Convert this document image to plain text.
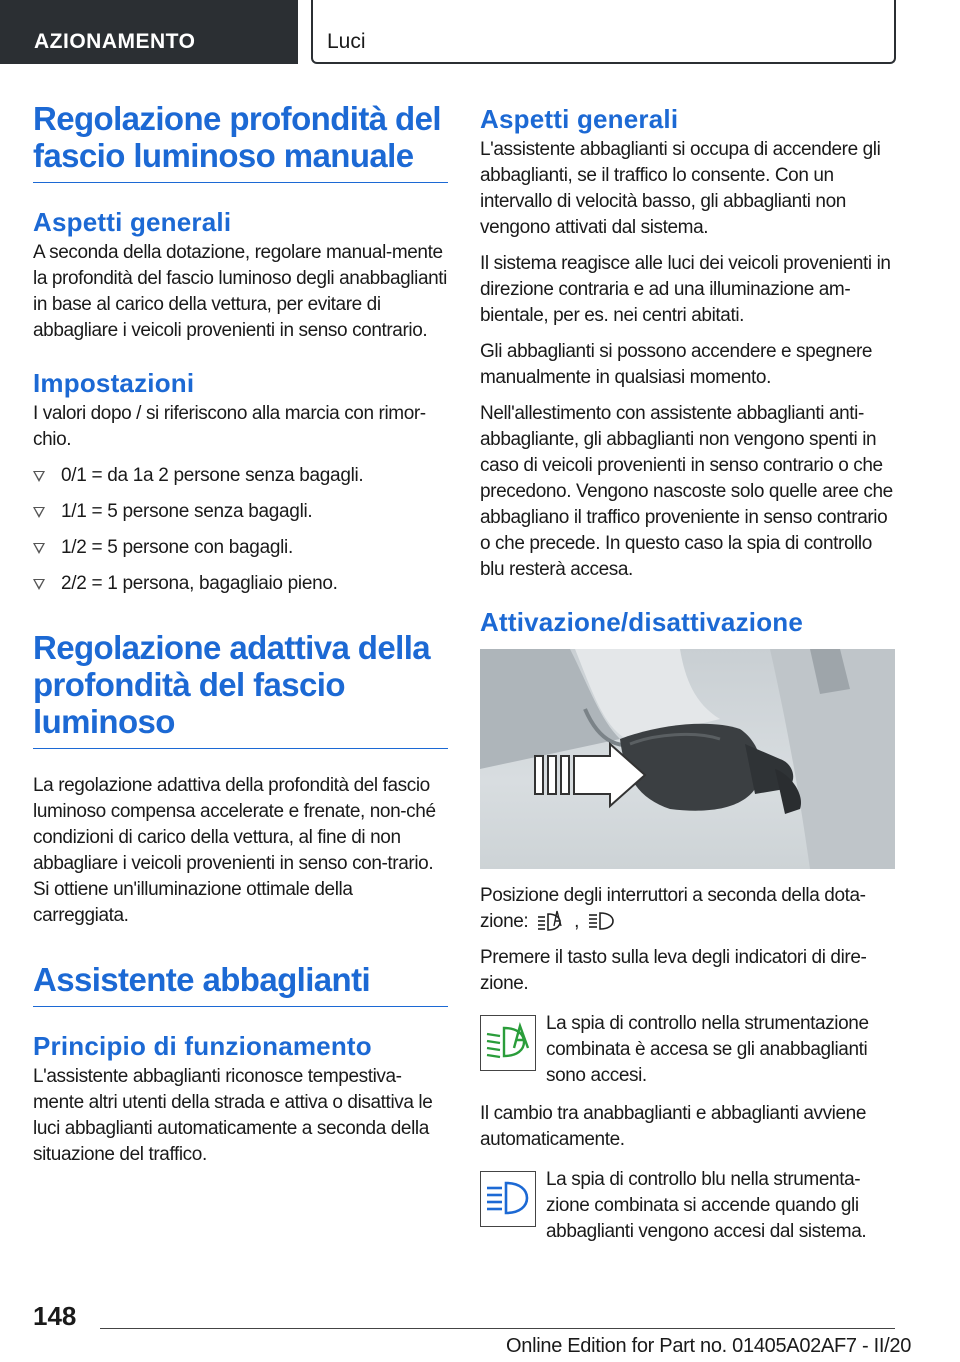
AZIONAMENTO	Luci
Regolazione profondità del fascio luminoso manuale
Aspetti generali

A seconda della dotazione, regolare manual-mente la profondità del fascio luminoso degli anabbaglianti in base al carico della vettura, per evitare di abbagliare i veicoli provenienti in senso contrario.

Impostazioni

I valori dopo / si riferiscono alla marcia con rimor-chio.

0/1 = da 1a 2 persone senza bagagli.
1/1 = 5 persone senza bagagli.
1/2 = 5 persone con bagagli.
2/2 = 1 persona, bagagliaio pieno.
Regolazione adattiva della profondità del fascio luminoso

La regolazione adattiva della profondità del fascio luminoso compensa accelerate e frenate, non-ché condizioni di carico della vettura, al fine di non abbagliare i veicoli provenienti in senso con-trario. Si ottiene un'illuminazione ottimale della carreggiata.

Assistente abbaglianti
Principio di funzionamento

L'assistente abbaglianti riconosce tempestiva-mente altri utenti della strada e attiva o disattiva le luci abbaglianti automaticamente a seconda della situazione del traffico.

Aspetti generali

L'assistente abbaglianti si occupa di accendere gli abbaglianti, se il traffico lo consente. Con un intervallo di velocità basso, gli abbaglianti non vengono attivati dal sistema.

Il sistema reagisce alle luci dei veicoli provenienti in direzione contraria e ad una illuminazione am-bientale, per es. nei centri abitati.

Gli abbaglianti si possono accendere e spegnere manualmente in qualsiasi momento.

Nell'allestimento con assistente abbaglianti anti-abbagliante, gli abbaglianti non vengono spenti in caso di veicoli provenienti in senso contrario o che precedono. Vengono nascoste solo quelle aree che abbagliano il traffico proveniente in senso contrario o che precede. In questo caso la spia di controllo blu resterà accesa.

Attivazione/disattivazione

Posizione degli interruttori a seconda della dota-zione: ,

Premere il tasto sulla leva degli indicatori di dire-zione.

La spia di controllo nella strumentazione combinata è accesa se gli anabbaglianti sono accesi.

Il cambio tra anabbaglianti e abbaglianti avviene automaticamente.

La spia di controllo blu nella strumenta-zione combinata si accende quando gli abbaglianti vengono accesi dal sistema.

148
Online Edition for Part no. 01405A02AF7 - II/20
